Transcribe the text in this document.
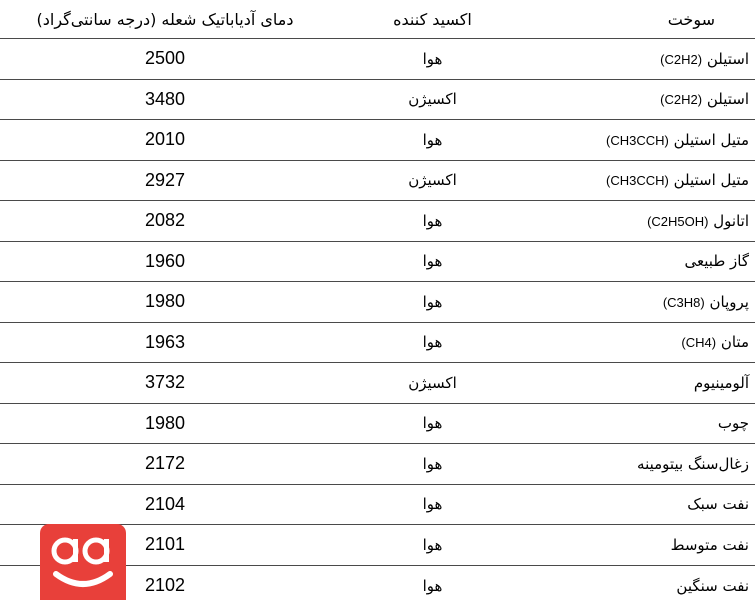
دمای آدیاباتیک شعله (درجه سانتی‌گراد)	اکسید کننده	سوخت
2500	هوا	استیلن (C2H2)
3480	اکسیژن	استیلن (C2H2)
2010	هوا	متیل استیلن (CH3CCH)
2927	اکسیژن	متیل استیلن (CH3CCH)
2082	هوا	اتانول (C2H5OH)
1960	هوا	گاز طبیعی
1980	هوا	پروپان (C3H8)
1963	هوا	متان (CH4)
3732	اکسیژن	آلومینیوم
1980	هوا	چوب
2172	هوا	زغال‌سنگ بیتومینه
2104	هوا	نفت سبک
2101	هوا	نفت متوسط
2102	هوا	نفت سنگین
